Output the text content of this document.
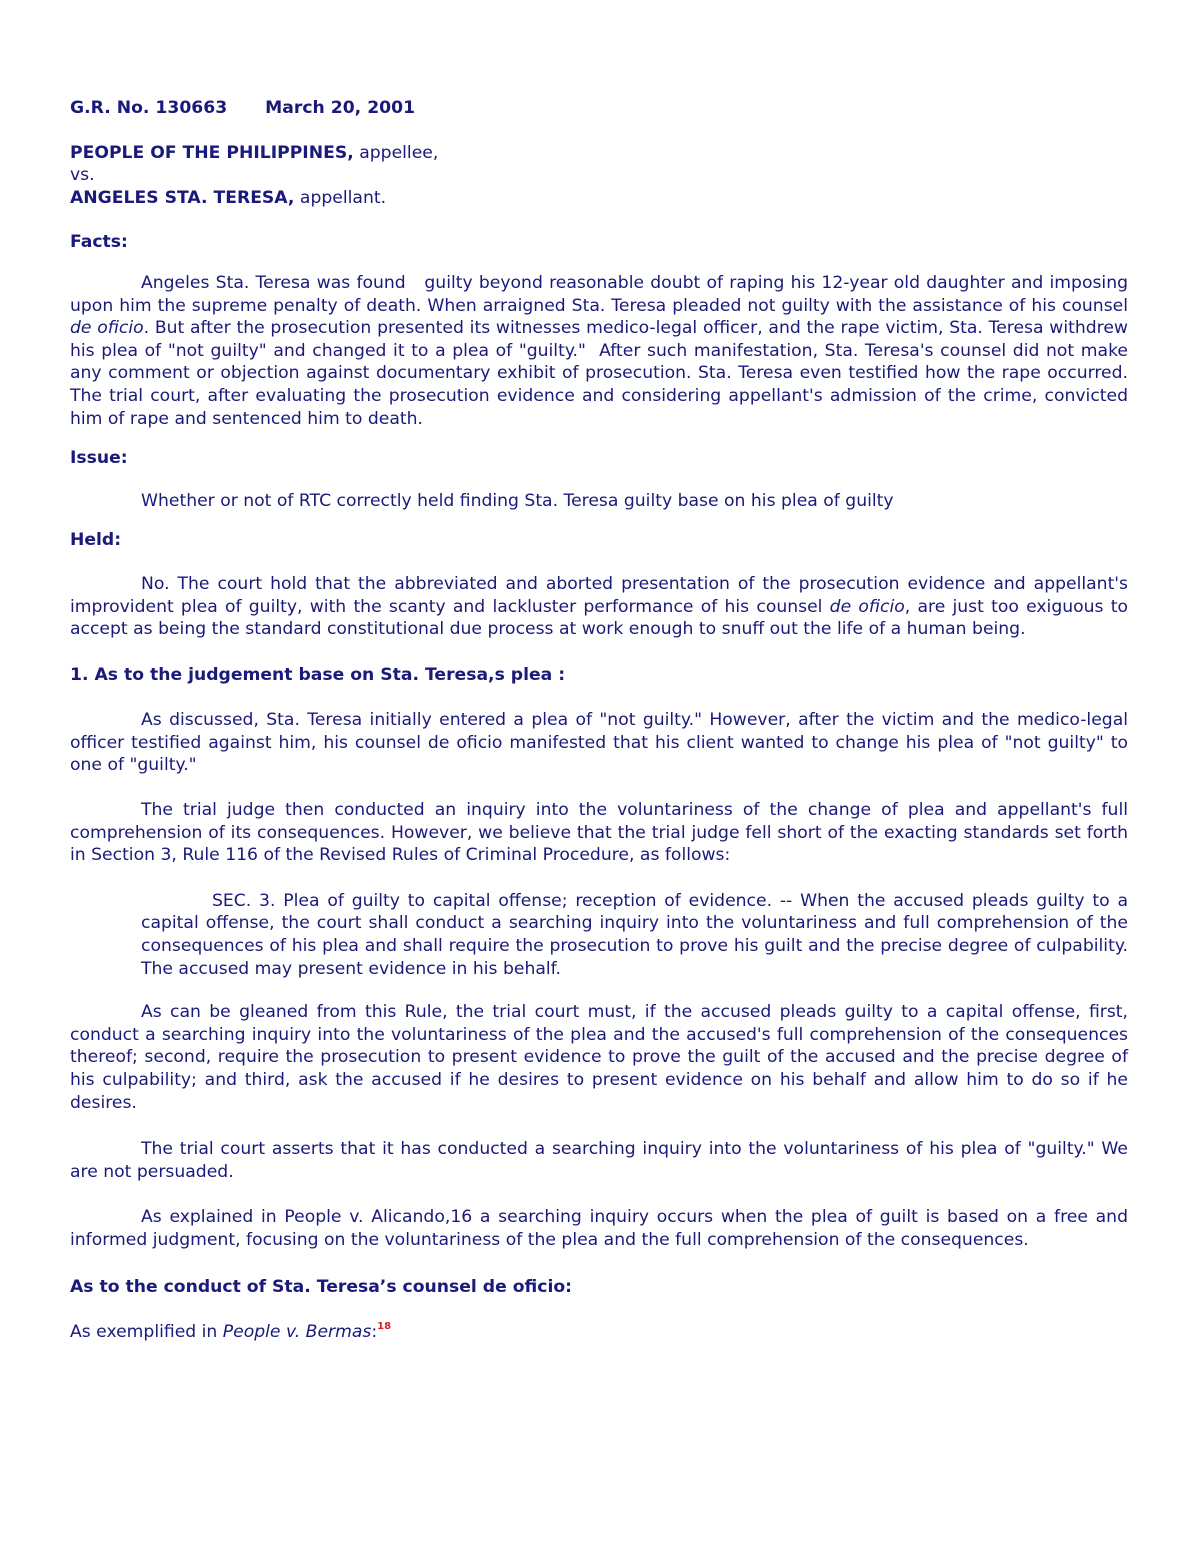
G.R. No. 130663 March 20, 2001

PEOPLE OF THE PHILIPPINES, appellee,

vs.

ANGELES STA. TERESA, appellant.

Facts:

Angeles Sta. Teresa was found   guilty beyond reasonable doubt of raping his 12-year old daughter and imposing upon him the supreme penalty of death. When arraigned Sta. Teresa pleaded not guilty with the assistance of his counsel de oficio. But after the prosecution presented its witnesses medico-legal officer, and the rape victim, Sta. Teresa withdrew his plea of "not guilty" and changed it to a plea of "guilty."  After such manifestation, Sta. Teresa's counsel did not make any comment or objection against documentary exhibit of prosecution. Sta. Teresa even testified how the rape occurred. The trial court, after evaluating the prosecution evidence and considering appellant's admission of the crime, convicted him of rape and sentenced him to death.

Issue:

Whether or not of RTC correctly held finding Sta. Teresa guilty base on his plea of guilty

Held:

No. The court hold that the abbreviated and aborted presentation of the prosecution evidence and appellant's improvident plea of guilty, with the scanty and lackluster performance of his counsel de oficio, are just too exiguous to accept as being the standard constitutional due process at work enough to snuff out the life of a human being.

1. As to the judgement base on Sta. Teresa,s plea :

As discussed, Sta. Teresa initially entered a plea of "not guilty." However, after the victim and the medico-legal officer testified against him, his counsel de oficio manifested that his client wanted to change his plea of "not guilty" to one of "guilty."

The trial judge then conducted an inquiry into the voluntariness of the change of plea and appellant's full comprehension of its consequences. However, we believe that the trial judge fell short of the exacting standards set forth in Section 3, Rule 116 of the Revised Rules of Criminal Procedure, as follows:

SEC. 3. Plea of guilty to capital offense; reception of evidence. -- When the accused pleads guilty to a capital offense, the court shall conduct a searching inquiry into the voluntariness and full comprehension of the consequences of his plea and shall require the prosecution to prove his guilt and the precise degree of culpability. The accused may present evidence in his behalf.

As can be gleaned from this Rule, the trial court must, if the accused pleads guilty to a capital offense, first, conduct a searching inquiry into the voluntariness of the plea and the accused's full comprehension of the consequences thereof; second, require the prosecution to present evidence to prove the guilt of the accused and the precise degree of his culpability; and third, ask the accused if he desires to present evidence on his behalf and allow him to do so if he desires.

The trial court asserts that it has conducted a searching inquiry into the voluntariness of his plea of "guilty." We are not persuaded.

As explained in People v. Alicando,16 a searching inquiry occurs when the plea of guilt is based on a free and informed judgment, focusing on the voluntariness of the plea and the full comprehension of the consequences.

As to the conduct of Sta. Teresa’s counsel de oficio:

As exemplified in People v. Bermas:$^{18}$
